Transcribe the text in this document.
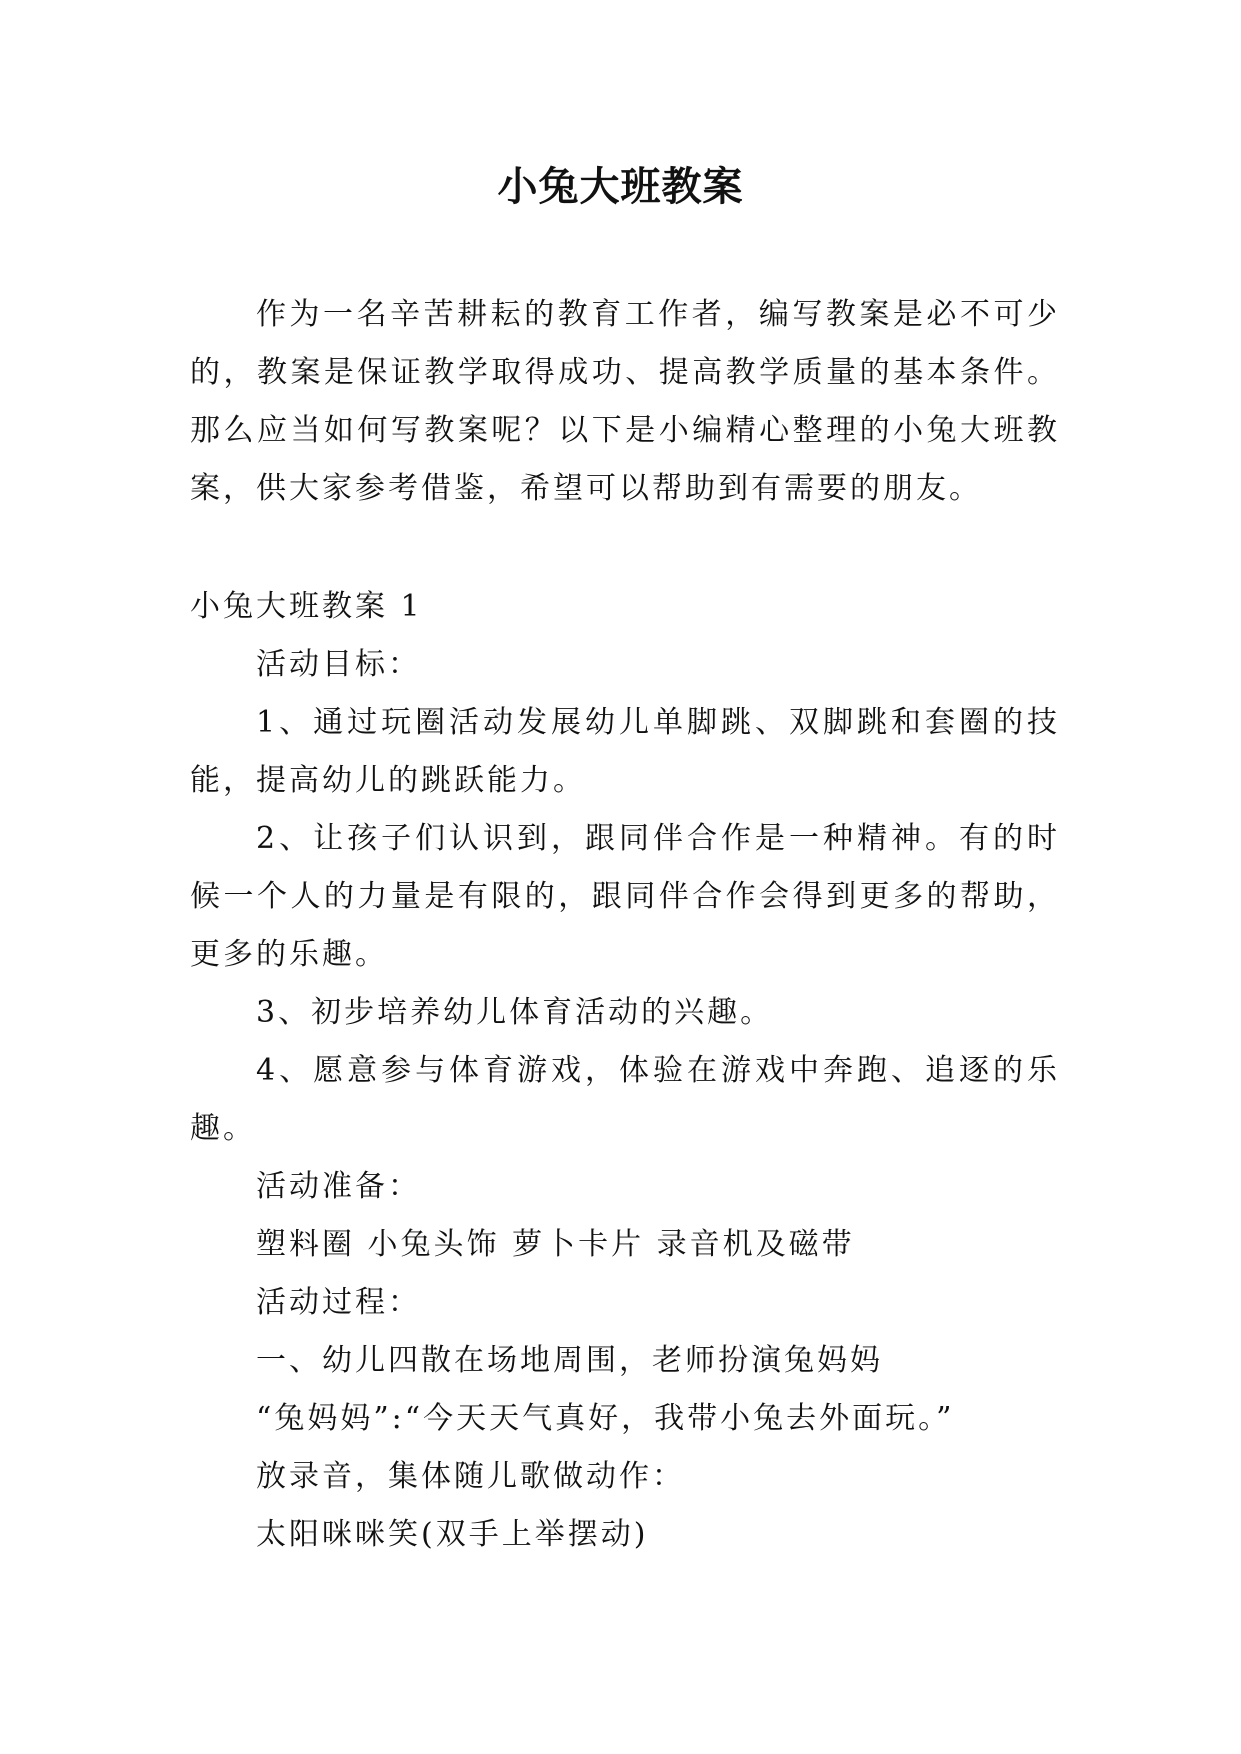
小兔大班教案

作为一名辛苦耕耘的教育工作者，编写教案是必不可少的，教案是保证教学取得成功、提高教学质量的基本条件。那么应当如何写教案呢？以下是小编精心整理的小兔大班教案，供大家参考借鉴，希望可以帮助到有需要的朋友。

小兔大班教案 1

活动目标：

1、通过玩圈活动发展幼儿单脚跳、双脚跳和套圈的技能，提高幼儿的跳跃能力。

2、让孩子们认识到，跟同伴合作是一种精神。有的时候一个人的力量是有限的，跟同伴合作会得到更多的帮助，更多的乐趣。

3、初步培养幼儿体育活动的兴趣。

4、愿意参与体育游戏，体验在游戏中奔跑、追逐的乐趣。

活动准备：

塑料圈 小兔头饰 萝卜卡片 录音机及磁带

活动过程：

一、幼儿四散在场地周围，老师扮演兔妈妈

“兔妈妈”:“今天天气真好，我带小兔去外面玩。”

放录音，集体随儿歌做动作：

太阳咪咪笑(双手上举摆动)
